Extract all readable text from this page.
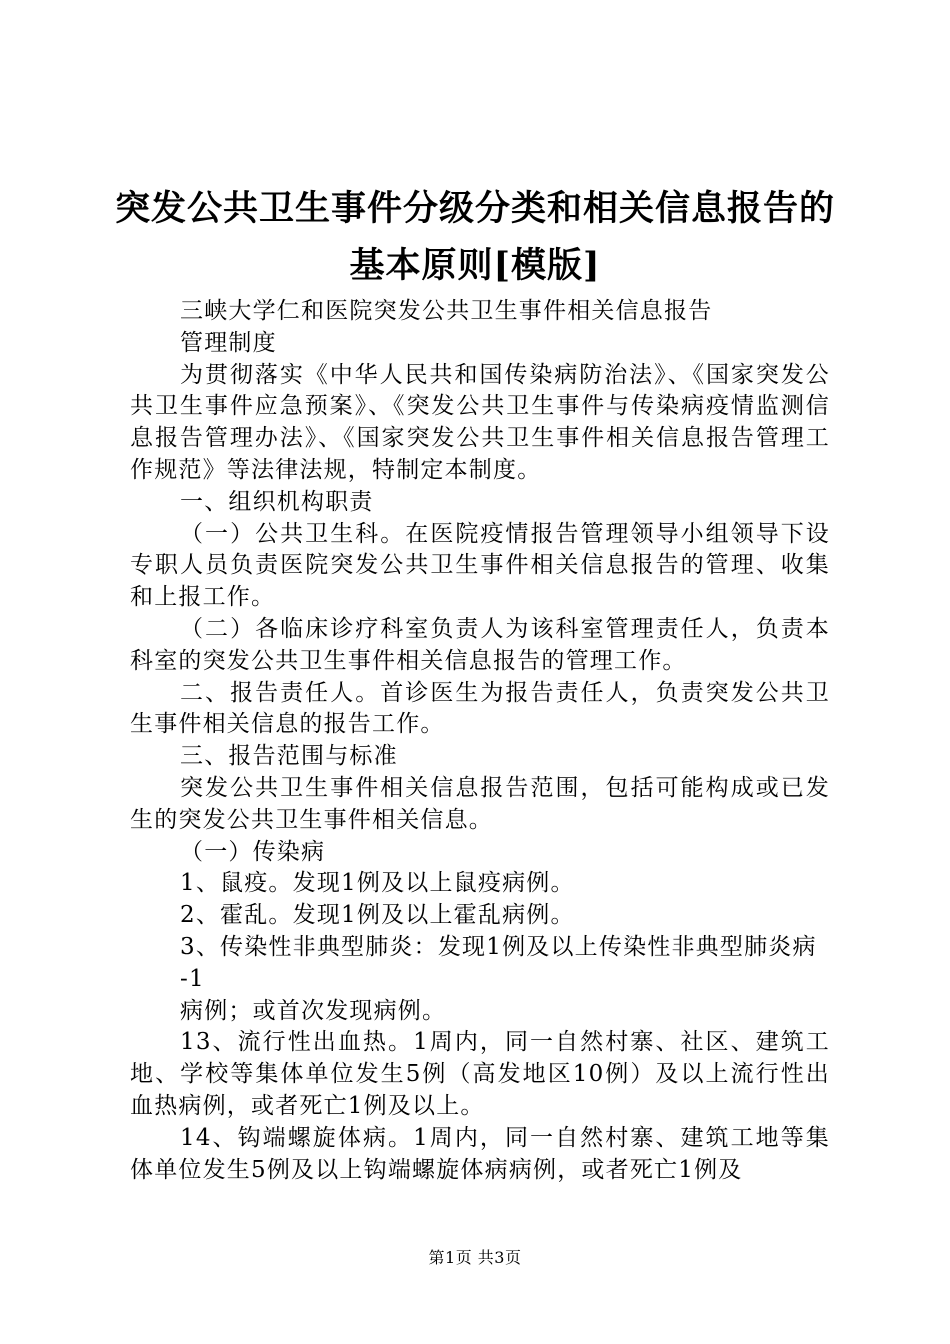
突发公共卫生事件分级分类和相关信息报告的
基本原则[模版]

三峡大学仁和医院突发公共卫生事件相关信息报告

管理制度

为贯彻落实《中华人民共和国传染病防治法》、《国家突发公共卫生事件应急预案》、《突发公共卫生事件与传染病疫情监测信息报告管理办法》、《国家突发公共卫生事件相关信息报告管理工作规范》等法律法规，特制定本制度。

一、组织机构职责

（一）公共卫生科。在医院疫情报告管理领导小组领导下设专职人员负责医院突发公共卫生事件相关信息报告的管理、收集和上报工作。

（二）各临床诊疗科室负责人为该科室管理责任人，负责本科室的突发公共卫生事件相关信息报告的管理工作。

二、报告责任人。首诊医生为报告责任人，负责突发公共卫生事件相关信息的报告工作。

三、报告范围与标准

突发公共卫生事件相关信息报告范围，包括可能构成或已发生的突发公共卫生事件相关信息。

（一）传染病

1、鼠疫。发现1例及以上鼠疫病例。

2、霍乱。发现1例及以上霍乱病例。

3、传染性非典型肺炎：发现1例及以上传染性非典型肺炎病

-1

病例；或首次发现病例。

13、流行性出血热。1周内，同一自然村寨、社区、建筑工地、学校等集体单位发生5例（高发地区10例）及以上流行性出血热病例，或者死亡1例及以上。

14、钩端螺旋体病。1周内，同一自然村寨、建筑工地等集体单位发生5例及以上钩端螺旋体病病例，或者死亡1例及

第1页 共3页
